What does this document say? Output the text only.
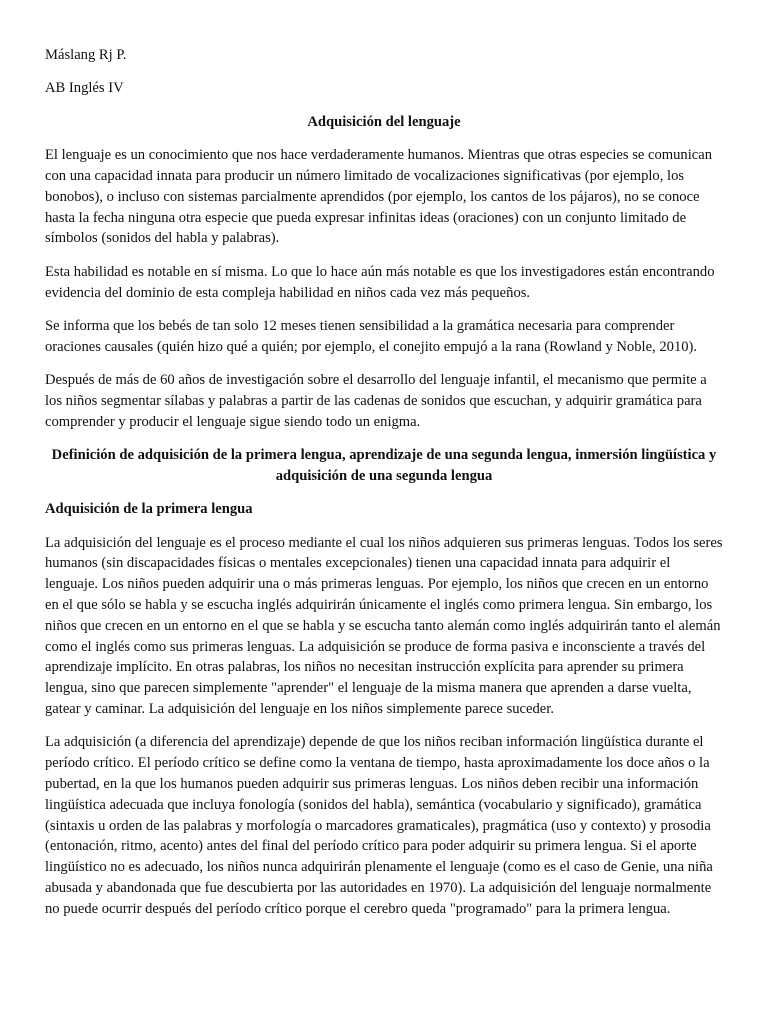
Máslang Rj P.
AB Inglés IV
Adquisición del lenguaje

El lenguaje es un conocimiento que nos hace verdaderamente humanos. Mientras que otras especies se comunican con una capacidad innata para producir un número limitado de vocalizaciones significativas (por ejemplo, los bonobos), o incluso con sistemas parcialmente aprendidos (por ejemplo, los cantos de los pájaros), no se conoce hasta la fecha ninguna otra especie que pueda expresar infinitas ideas (oraciones) con un conjunto limitado de símbolos (sonidos del habla y palabras).

Esta habilidad es notable en sí misma. Lo que lo hace aún más notable es que los investigadores están encontrando evidencia del dominio de esta compleja habilidad en niños cada vez más pequeños.

Se informa que los bebés de tan solo 12 meses tienen sensibilidad a la gramática necesaria para comprender oraciones causales (quién hizo qué a quién; por ejemplo, el conejito empujó a la rana (Rowland y Noble, 2010).

Después de más de 60 años de investigación sobre el desarrollo del lenguaje infantil, el mecanismo que permite a los niños segmentar sílabas y palabras a partir de las cadenas de sonidos que escuchan, y adquirir gramática para comprender y producir el lenguaje sigue siendo todo un enigma.

Definición de adquisición de la primera lengua, aprendizaje de una segunda lengua, inmersión lingüística y adquisición de una segunda lengua
Adquisición de la primera lengua

La adquisición del lenguaje es el proceso mediante el cual los niños adquieren sus primeras lenguas. Todos los seres humanos (sin discapacidades físicas o mentales excepcionales) tienen una capacidad innata para adquirir el lenguaje. Los niños pueden adquirir una o más primeras lenguas. Por ejemplo, los niños que crecen en un entorno en el que sólo se habla y se escucha inglés adquirirán únicamente el inglés como primera lengua. Sin embargo, los niños que crecen en un entorno en el que se habla y se escucha tanto alemán como inglés adquirirán tanto el alemán como el inglés como sus primeras lenguas. La adquisición se produce de forma pasiva e inconsciente a través del aprendizaje implícito. En otras palabras, los niños no necesitan instrucción explícita para aprender su primera lengua, sino que parecen simplemente "aprender" el lenguaje de la misma manera que aprenden a darse vuelta, gatear y caminar. La adquisición del lenguaje en los niños simplemente parece suceder.

La adquisición (a diferencia del aprendizaje) depende de que los niños reciban información lingüística durante el período crítico. El período crítico se define como la ventana de tiempo, hasta aproximadamente los doce años o la pubertad, en la que los humanos pueden adquirir sus primeras lenguas. Los niños deben recibir una información lingüística adecuada que incluya fonología (sonidos del habla), semántica (vocabulario y significado), gramática (sintaxis u orden de las palabras y morfología o marcadores gramaticales), pragmática (uso y contexto) y prosodia (entonación, ritmo, acento) antes del final del período crítico para poder adquirir su primera lengua. Si el aporte lingüístico no es adecuado, los niños nunca adquirirán plenamente el lenguaje (como es el caso de Genie, una niña abusada y abandonada que fue descubierta por las autoridades en 1970). La adquisición del lenguaje normalmente no puede ocurrir después del período crítico porque el cerebro queda "programado" para la primera lengua.
